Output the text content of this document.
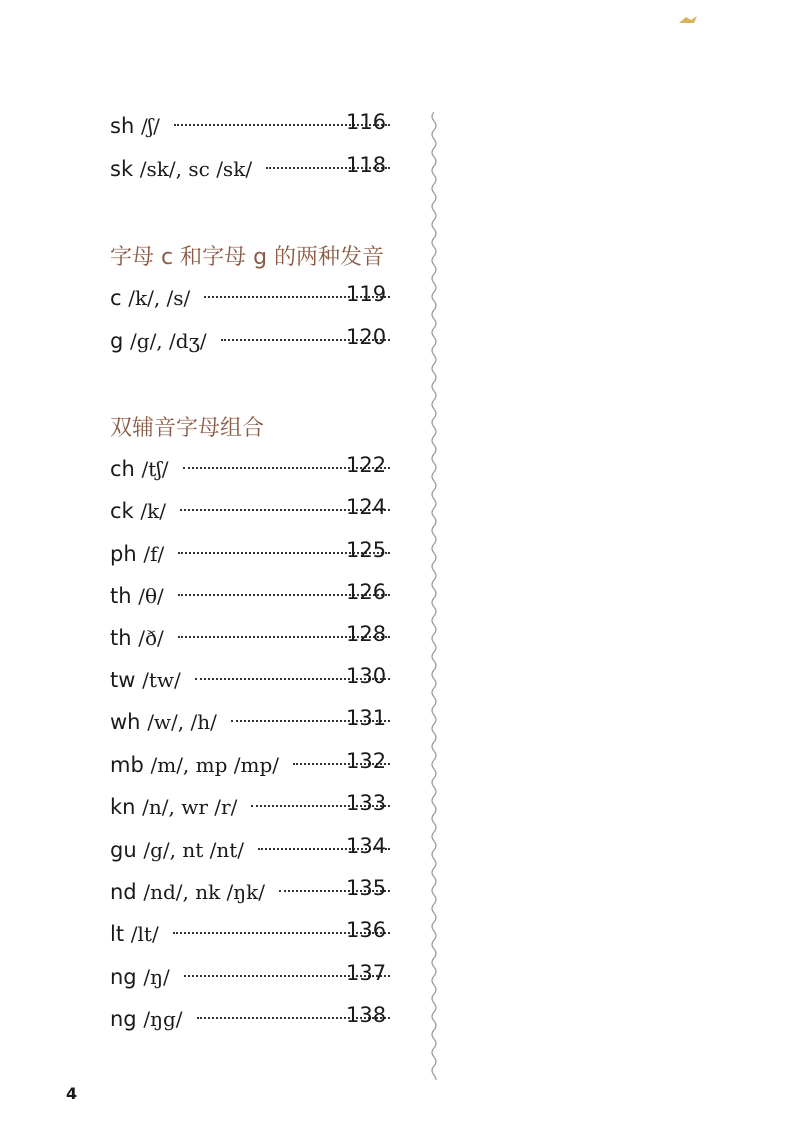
sh /ʃ/	116
sk /sk/, sc /sk/	118
字母 c 和字母 g 的两种发音
c /k/, /s/	119
g /g/, /dʒ/	120
双辅音字母组合
ch /tʃ/	122
ck /k/	124
ph /f/	125
th /θ/	126
th /ð/	128
tw /tw/	130
wh /w/, /h/	131
mb /m/, mp /mp/	132
kn /n/, wr /r/	133
gu /g/, nt /nt/	134
nd /nd/, nk /ŋk/	135
lt /lt/	136
ng /ŋ/	137
ng /ŋg/	138
4
